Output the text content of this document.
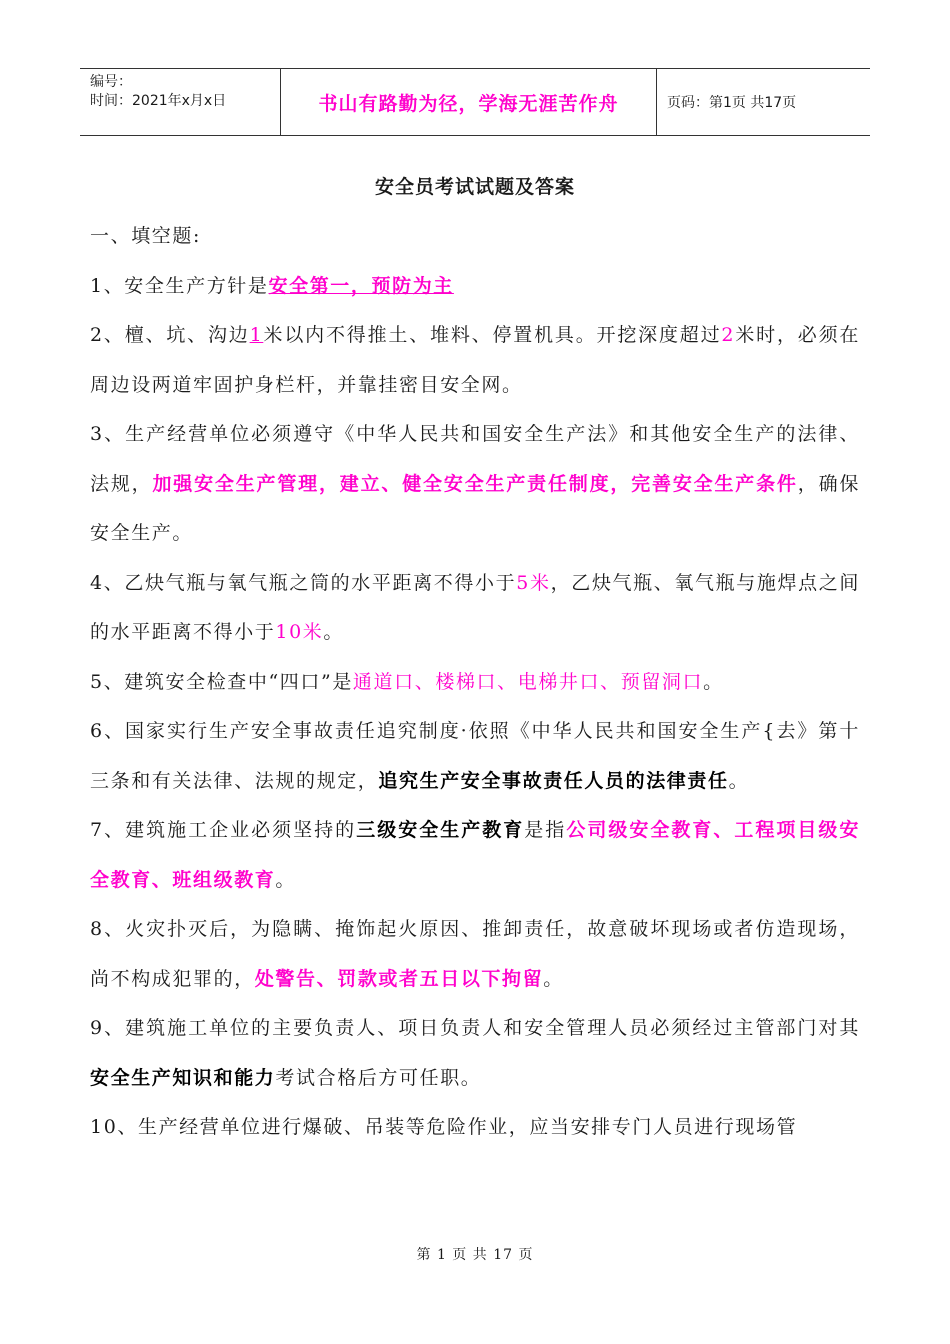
编号：
时间：2021年x月x日	书山有路勤为径，学海无涯苦作舟	页码：第1页 共17页
安全员考试试题及答案

一、填空题:

1、安全生产方针是安全第一，预防为主

2、檀、坑、沟边1米以内不得推土、堆料、停置机具。开挖深度超过2米时，必须在周边设两道牢固护身栏杆，并靠挂密目安全网。

3、生产经营单位必须遵守《中华人民共和国安全生产法》和其他安全生产的法律、法规，加强安全生产管理，建立、健全安全生产责任制度，完善安全生产条件，确保安全生产。

4、乙炔气瓶与氧气瓶之筒的水平距离不得小于5米，乙炔气瓶、氧气瓶与施焊点之间的水平距离不得小于10米。

5、建筑安全检查中“四口”是通道口、楼梯口、电梯井口、预留洞口。

6、国家实行生产安全事故责任追究制度·依照《中华人民共和国安全生产{去》第十三条和有关法律、法规的规定，追究生产安全事故责任人员的法律责任。

7、建筑施工企业必须坚持的三级安全生产教育是指公司级安全教育、工程项目级安全教育、班组级教育。

8、火灾扑灭后，为隐瞒、掩饰起火原因、推卸责任，故意破坏现场或者仿造现场，尚不构成犯罪的，处警告、罚款或者五日以下拘留。

9、建筑施工单位的主要负责人、项日负责人和安全管理人员必须经过主管部门对其安全生产知识和能力考试合格后方可任职。

10、生产经营单位进行爆破、吊装等危险作业，应当安排专门人员进行现场管

第 1 页 共 17 页
